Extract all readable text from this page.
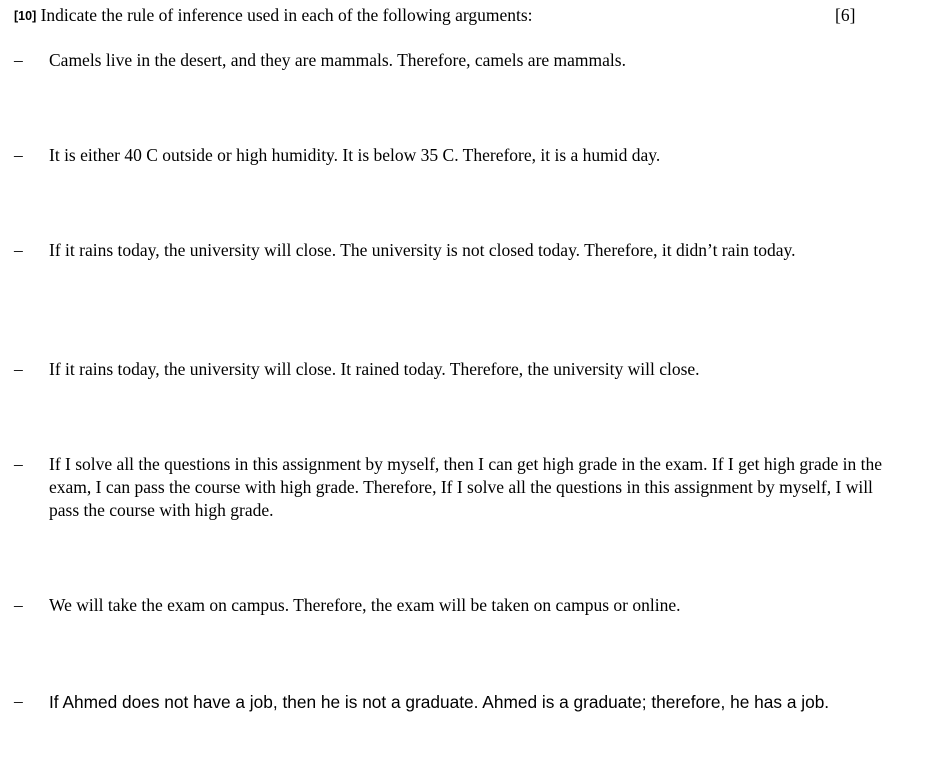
[10] Indicate the rule of inference used in each of the following arguments:	[6]
–	Camels live in the desert, and they are mammals. Therefore, camels are mammals.
–	It is either 40 C outside or high humidity. It is below 35 C. Therefore, it is a humid day.
–	If it rains today, the university will close. The university is not closed today. Therefore, it didn’t rain today.
–	If it rains today, the university will close. It rained today. Therefore, the university will close.
–	If I solve all the questions in this assignment by myself, then I can get high grade in the exam. If I get high grade in the exam, I can pass the course with high grade. Therefore, If I solve all the questions in this assignment by myself, I will pass the course with high grade.
–	We will take the exam on campus. Therefore, the exam will be taken on campus or online.
–	If Ahmed does not have a job, then he is not a graduate. Ahmed is a graduate; therefore, he has a job.
